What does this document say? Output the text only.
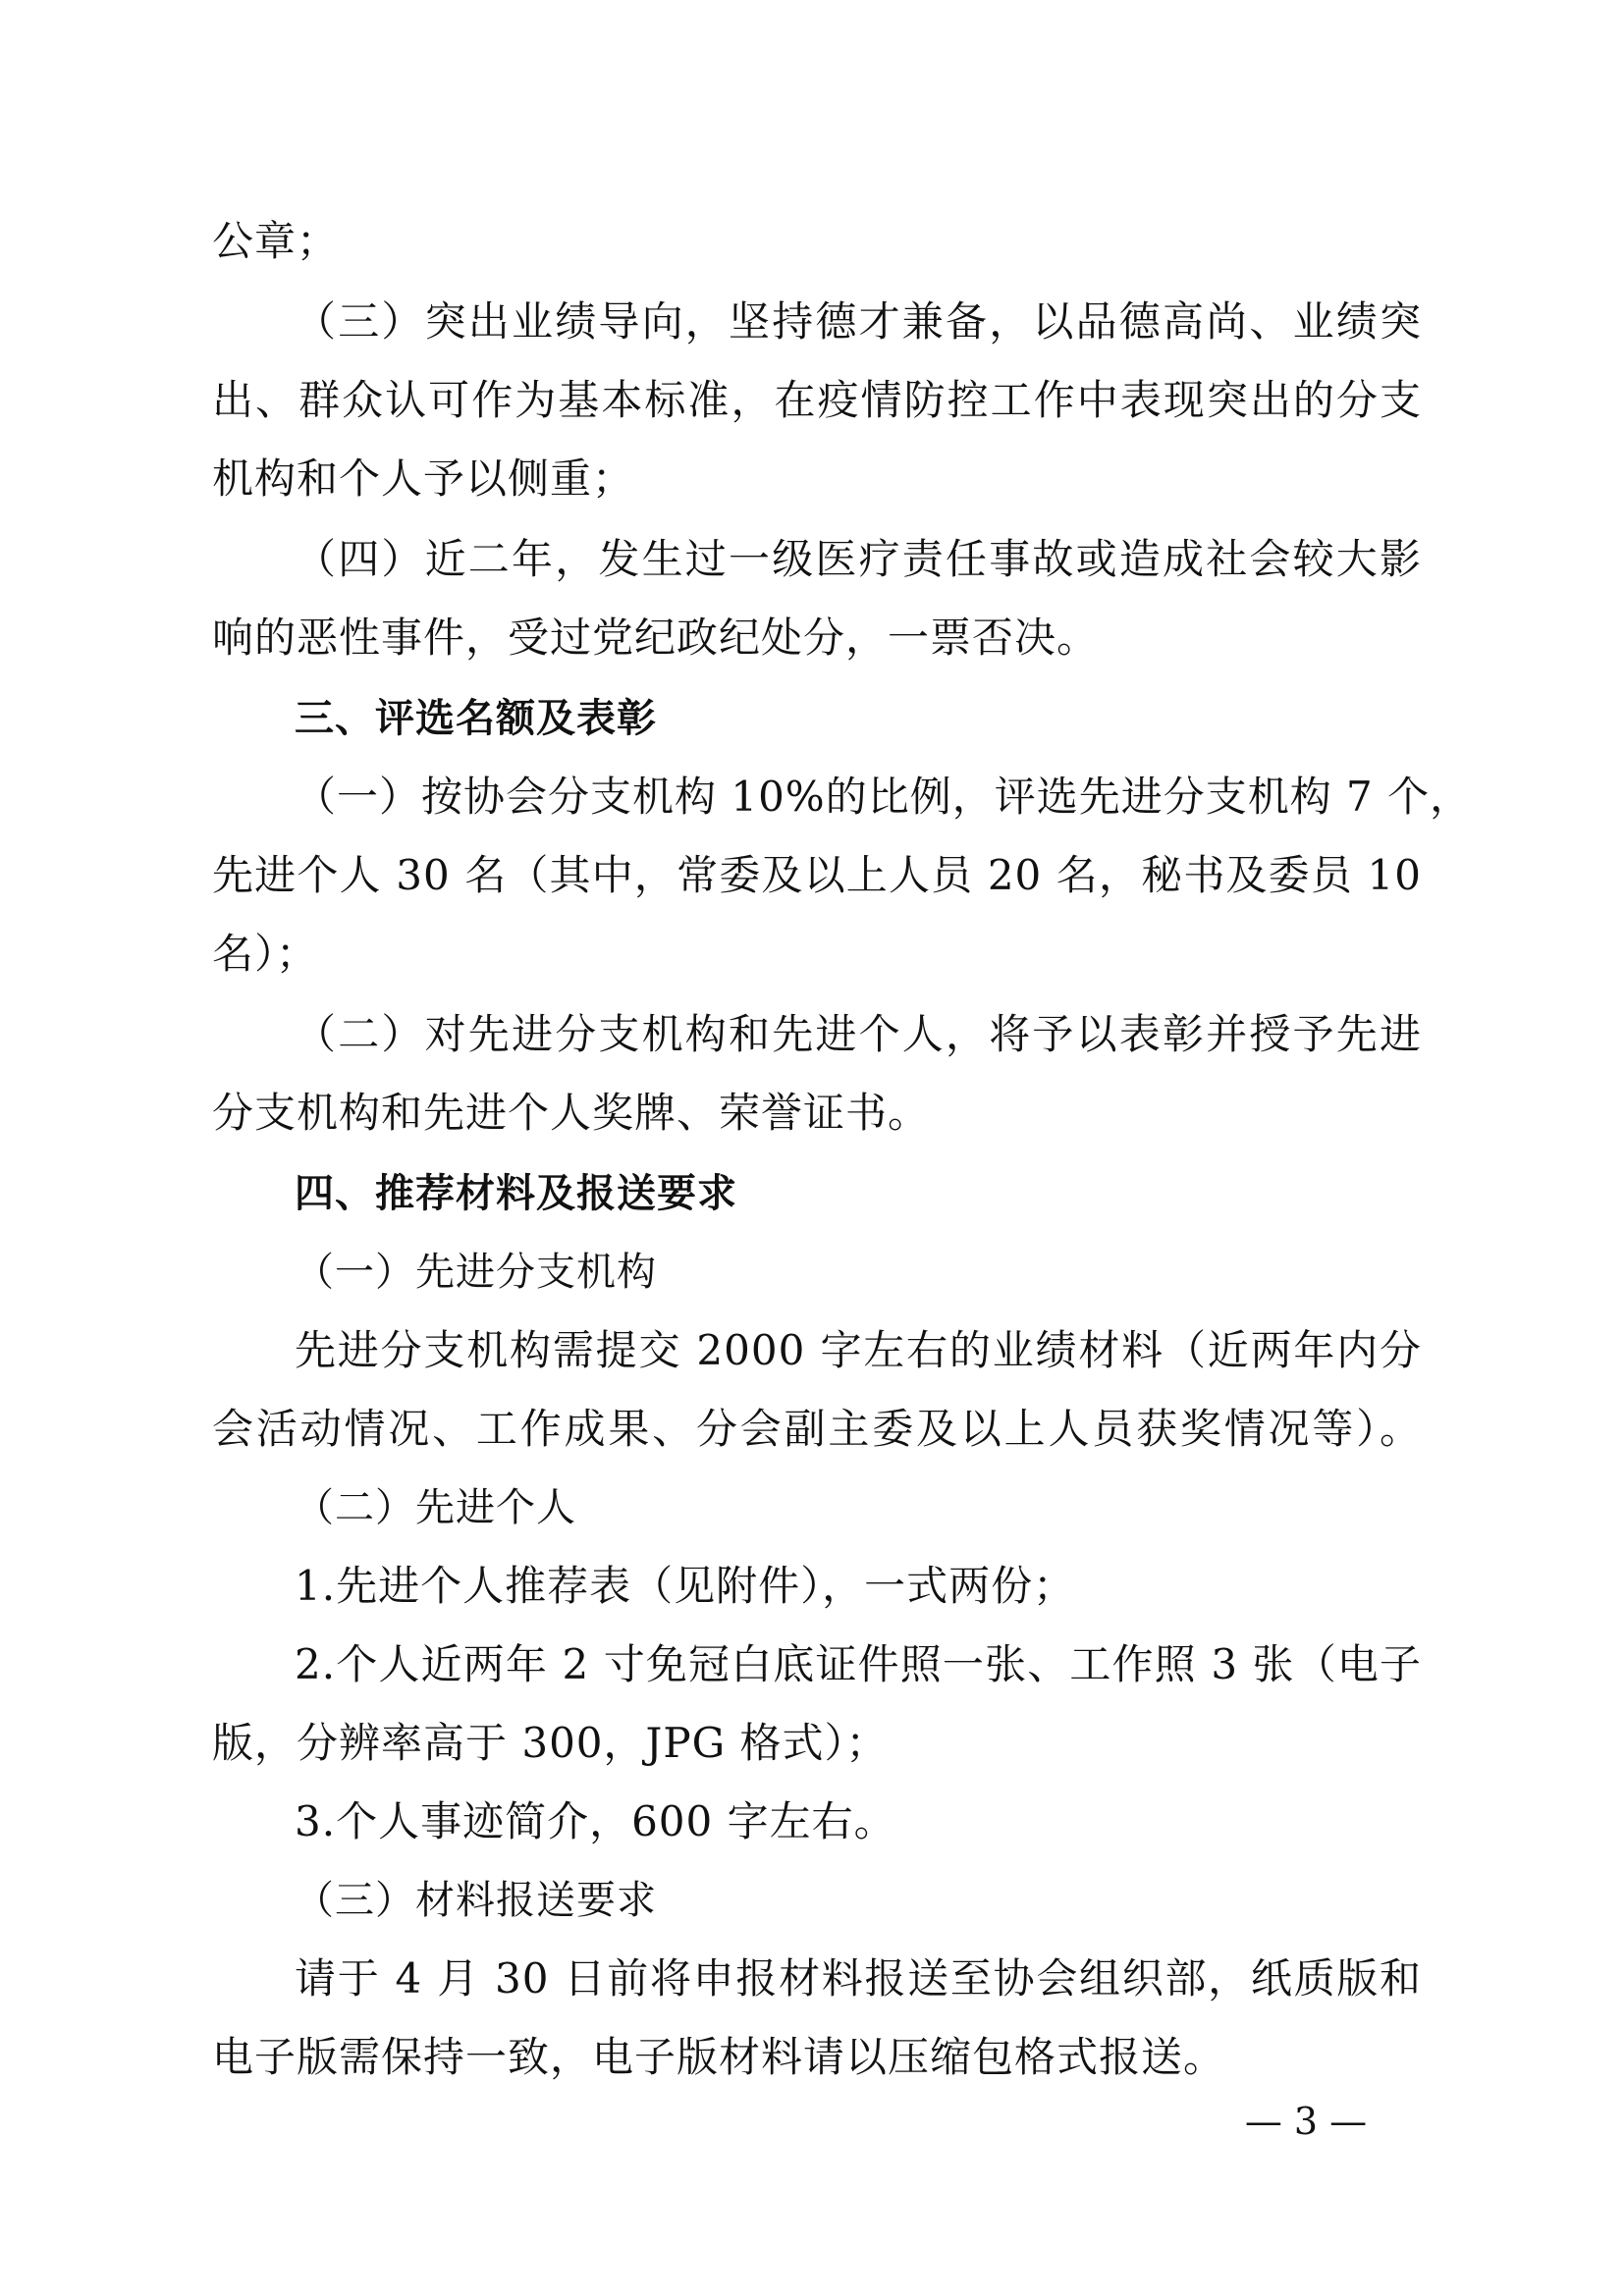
公章；
（三）突出业绩导向，坚持德才兼备，以品德高尚、业绩突
出、群众认可作为基本标准，在疫情防控工作中表现突出的分支
机构和个人予以侧重；
（四）近二年，发生过一级医疗责任事故或造成社会较大影
响的恶性事件，受过党纪政纪处分，一票否决。
三、评选名额及表彰
（一）按协会分支机构 10%的比例，评选先进分支机构 7 个，
先进个人 30 名（其中，常委及以上人员 20 名，秘书及委员 10
名）；
（二）对先进分支机构和先进个人，将予以表彰并授予先进
分支机构和先进个人奖牌、荣誉证书。
四、推荐材料及报送要求
（一）先进分支机构
先进分支机构需提交 2000 字左右的业绩材料（近两年内分
会活动情况、工作成果、分会副主委及以上人员获奖情况等）。
（二）先进个人
1.先进个人推荐表（见附件），一式两份；
2.个人近两年 2 寸免冠白底证件照一张、工作照 3 张（电子
版，分辨率高于 300，JPG 格式）；
3.个人事迹简介，600 字左右。
（三）材料报送要求
请于 4 月 30 日前将申报材料报送至协会组织部，纸质版和
电子版需保持一致，电子版材料请以压缩包格式报送。
— 3 —
